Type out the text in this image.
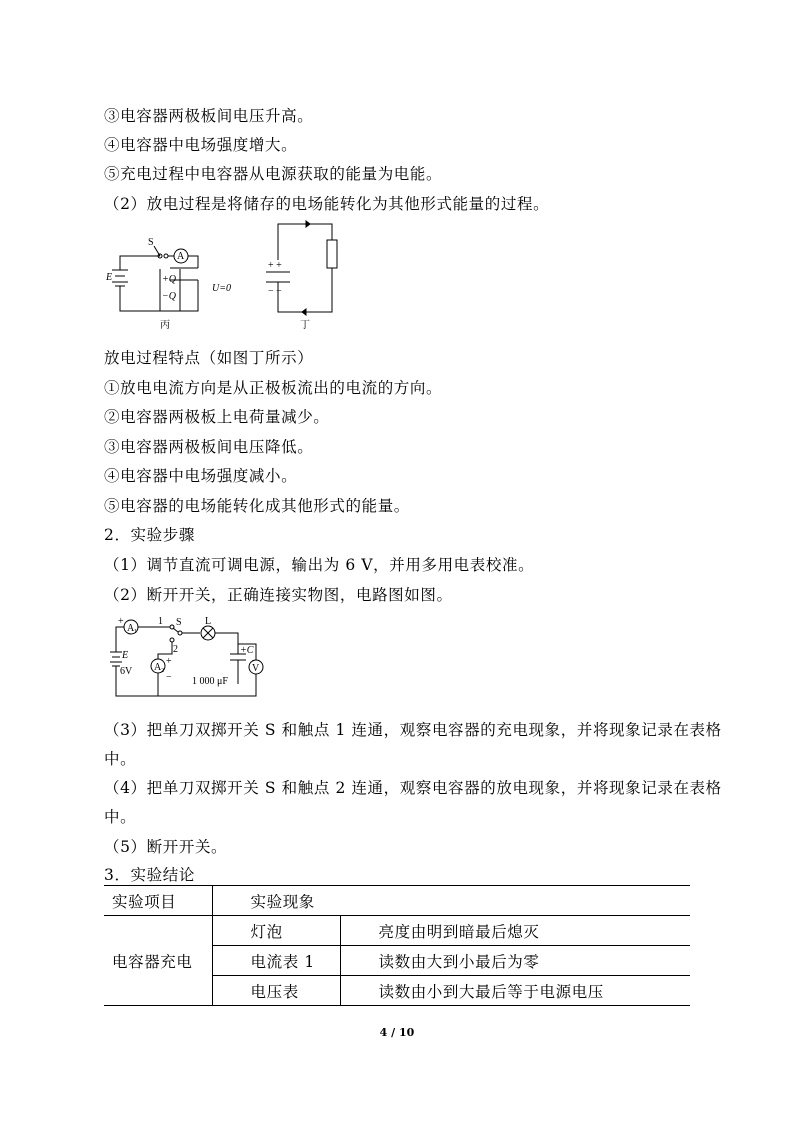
③电容器两极板间电压升高。
④电容器中电场强度增大。
⑤充电过程中电容器从电源获取的能量为电能。
（2）放电过程是将储存的电场能转化为其他形式能量的过程。
E
S
A
+Q
−Q
U=0
丙
+ +
− −
丁
放电过程特点（如图丁所示）
①放电电流方向是从正极板流出的电流的方向。
②电容器两极板上电荷量减少。
③电容器两极板间电压降低。
④电容器中电场强度减小。
⑤电容器的电场能转化成其他形式的能量。
2．实验步骤
（1）调节直流可调电源，输出为 6 V，并用多用电表校准。
（2）断开开关，正确连接实物图，电路图如图。
+
A 1
1 S
2
L
E
6V A 2
+
−
+C
1 000 μF
V
（3）把单刀双掷开关 S 和触点 1 连通，观察电容器的充电现象，并将现象记录在表格
中。
（4）把单刀双掷开关 S 和触点 2 连通，观察电容器的放电现象，并将现象记录在表格
中。
（5）断开开关。
3．实验结论
实验项目	实验现象	
电容器充电	灯泡	亮度由明到暗最后熄灭
	电流表 1	读数由大到小最后为零
	电压表	读数由小到大最后等于电源电压
4 / 10
